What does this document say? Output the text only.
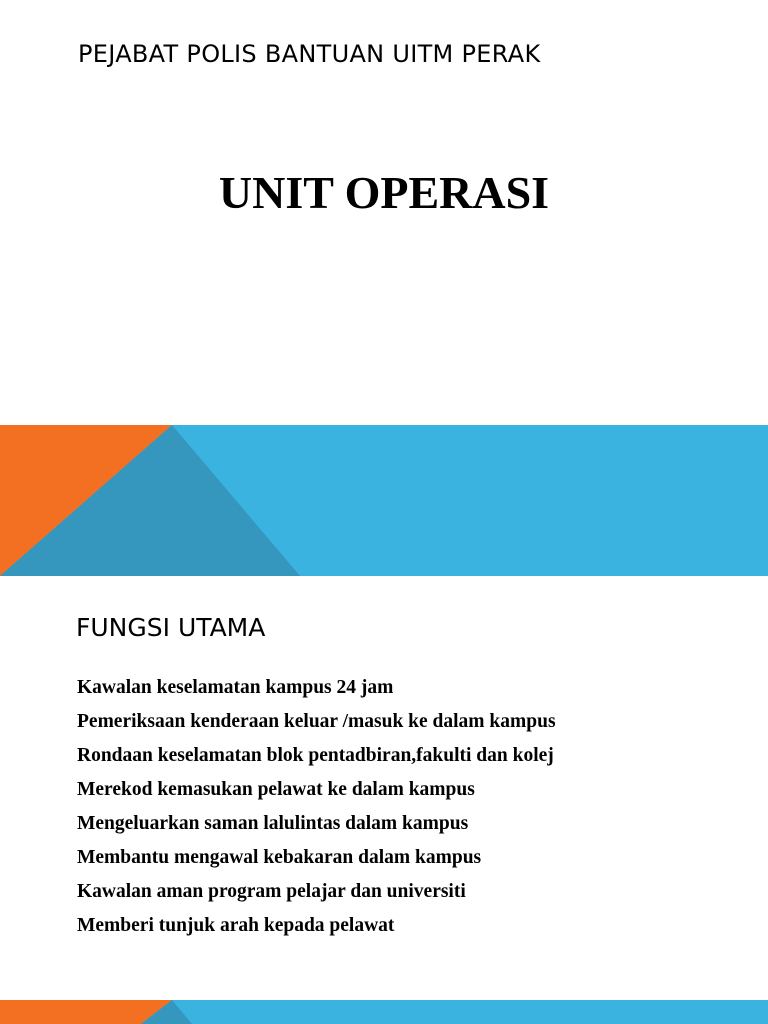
PEJABAT POLIS BANTUAN UITM PERAK
UNIT OPERASI
FUNGSI UTAMA
Kawalan keselamatan kampus 24 jam
Pemeriksaan kenderaan keluar /masuk ke dalam kampus
Rondaan keselamatan blok pentadbiran,fakulti dan kolej
Merekod kemasukan pelawat ke dalam kampus
Mengeluarkan saman lalulintas dalam kampus
Membantu mengawal kebakaran dalam kampus
Kawalan aman program pelajar dan universiti
Memberi tunjuk arah kepada pelawat
